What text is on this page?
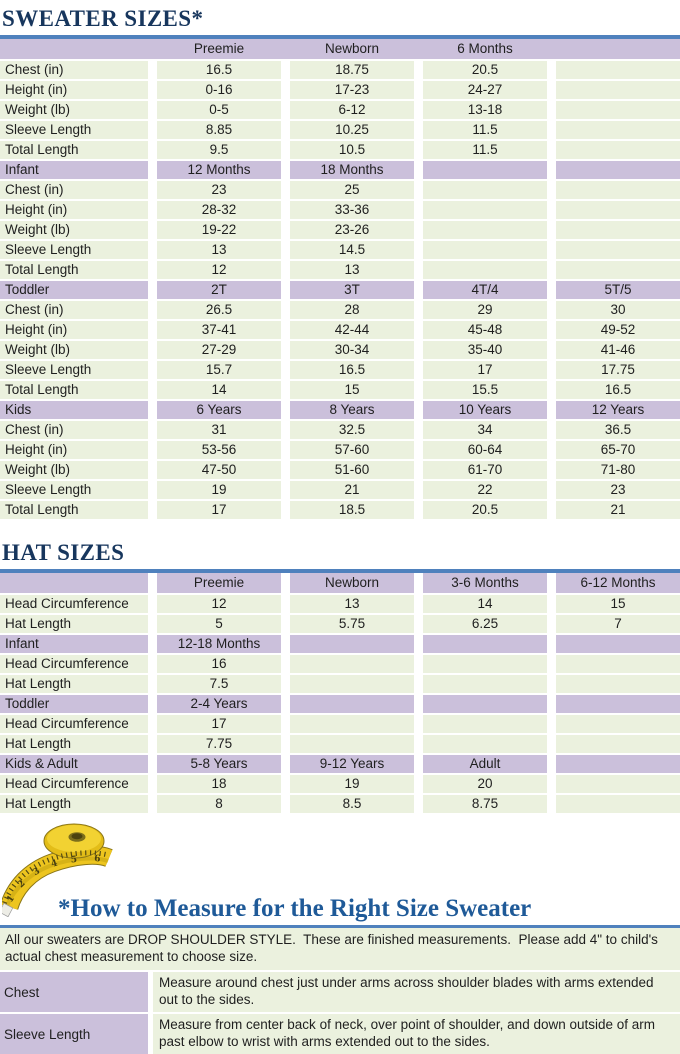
SWEATER SIZES*
	Preemie	Newborn	6 Months	
Chest (in)	16.5	18.75	20.5	
Height (in)	0-16	17-23	24-27	
Weight (lb)	0-5	6-12	13-18	
Sleeve Length	8.85	10.25	11.5	
Total Length	9.5	10.5	11.5	
Infant	12 Months	18 Months		
Chest (in)	23	25		
Height (in)	28-32	33-36		
Weight (lb)	19-22	23-26		
Sleeve Length	13	14.5		
Total Length	12	13		
Toddler	2T	3T	4T/4	5T/5
Chest (in)	26.5	28	29	30
Height (in)	37-41	42-44	45-48	49-52
Weight (lb)	27-29	30-34	35-40	41-46
Sleeve Length	15.7	16.5	17	17.75
Total Length	14	15	15.5	16.5
Kids	6 Years	8 Years	10 Years	12 Years
Chest (in)	31	32.5	34	36.5
Height (in)	53-56	57-60	60-64	65-70
Weight (lb)	47-50	51-60	61-70	71-80
Sleeve Length	19	21	22	23
Total Length	17	18.5	20.5	21
HAT SIZES
	Preemie	Newborn	3-6 Months	6-12 Months
Head Circumference	12	13	14	15
Hat Length	5	5.75	6.25	7
Infant	12-18 Months			
Head Circumference	16			
Hat Length	7.5			
Toddler	2-4 Years			
Head Circumference	17			
Hat Length	7.75			
Kids & Adult	5-8 Years	9-12 Years	Adult	
Head Circumference	18	19	20	
Hat Length	8	8.5	8.75	
1
2
3
4 5 6
*How to Measure for the Right Size Sweater
All our sweaters are DROP SHOULDER STYLE.  These are finished measurements.  Please add 4" to child's actual chest measurement to choose size.
Chest
Measure around chest just under arms across shoulder blades with arms extended out to the sides.
Sleeve Length
Measure from center back of neck, over point of shoulder, and down outside of arm past elbow to wrist with arms extended out to the sides.
